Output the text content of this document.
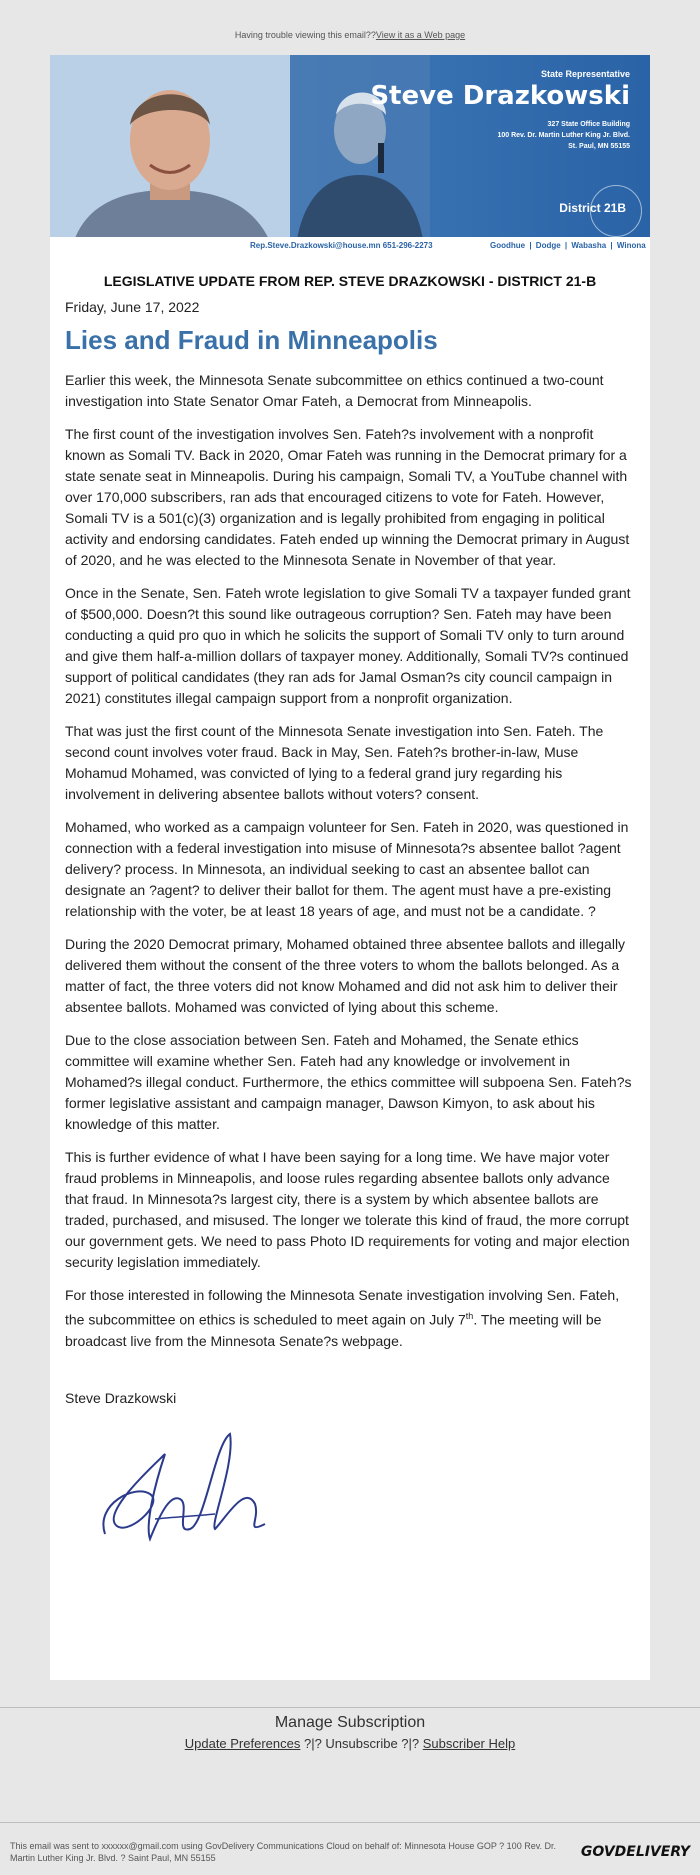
Having trouble viewing this email??View it as a Web page
State Representative
Steve Drazkowski
327 State Office Building
100 Rev. Dr. Martin Luther King Jr. Blvd.
St. Paul, MN 55155
District 21B
Rep.Steve.Drazkowski@house.mn 651-296-2273	Goodhue | Dodge | Wabasha | Winona
LEGISLATIVE UPDATE FROM REP. STEVE DRAZKOWSKI - DISTRICT 21-B
Friday, June 17, 2022
Lies and Fraud in Minneapolis

Earlier this week, the Minnesota Senate subcommittee on ethics continued a two-count investigation into State Senator Omar Fateh, a Democrat from Minneapolis.

The first count of the investigation involves Sen. Fateh?s involvement with a nonprofit known as Somali TV. Back in 2020, Omar Fateh was running in the Democrat primary for a state senate seat in Minneapolis. During his campaign, Somali TV, a YouTube channel with over 170,000 subscribers, ran ads that encouraged citizens to vote for Fateh. However, Somali TV is a 501(c)(3) organization and is legally prohibited from engaging in political activity and endorsing candidates. Fateh ended up winning the Democrat primary in August of 2020, and he was elected to the Minnesota Senate in November of that year.

Once in the Senate, Sen. Fateh wrote legislation to give Somali TV a taxpayer funded grant of $500,000. Doesn?t this sound like outrageous corruption? Sen. Fateh may have been conducting a quid pro quo in which he solicits the support of Somali TV only to turn around and give them half-a-million dollars of taxpayer money. Additionally, Somali TV?s continued support of political candidates (they ran ads for Jamal Osman?s city council campaign in 2021) constitutes illegal campaign support from a nonprofit organization.

That was just the first count of the Minnesota Senate investigation into Sen. Fateh. The second count involves voter fraud. Back in May, Sen. Fateh?s brother-in-law, Muse Mohamud Mohamed, was convicted of lying to a federal grand jury regarding his involvement in delivering absentee ballots without voters? consent.

Mohamed, who worked as a campaign volunteer for Sen. Fateh in 2020, was questioned in connection with a federal investigation into misuse of Minnesota?s absentee ballot ?agent delivery? process. In Minnesota, an individual seeking to cast an absentee ballot can designate an ?agent? to deliver their ballot for them. The agent must have a pre-existing relationship with the voter, be at least 18 years of age, and must not be a candidate. ?

During the 2020 Democrat primary, Mohamed obtained three absentee ballots and illegally delivered them without the consent of the three voters to whom the ballots belonged. As a matter of fact, the three voters did not know Mohamed and did not ask him to deliver their absentee ballots. Mohamed was convicted of lying about this scheme.

Due to the close association between Sen. Fateh and Mohamed, the Senate ethics committee will examine whether Sen. Fateh had any knowledge or involvement in Mohamed?s illegal conduct. Furthermore, the ethics committee will subpoena Sen. Fateh?s former legislative assistant and campaign manager, Dawson Kimyon, to ask about his knowledge of this matter.

This is further evidence of what I have been saying for a long time. We have major voter fraud problems in Minneapolis, and loose rules regarding absentee ballots only advance that fraud. In Minnesota?s largest city, there is a system by which absentee ballots are traded, purchased, and misused. The longer we tolerate this kind of fraud, the more corrupt our government gets. We need to pass Photo ID requirements for voting and major election security legislation immediately.

For those interested in following the Minnesota Senate investigation involving Sen. Fateh, the subcommittee on ethics is scheduled to meet again on July 7th. The meeting will be broadcast live from the Minnesota Senate?s webpage.

Steve Drazkowski
Manage Subscription
Update Preferences ?|? Unsubscribe ?|? Subscriber Help
This email was sent to xxxxxx@gmail.com using GovDelivery Communications Cloud on behalf of: Minnesota House GOP ? 100 Rev. Dr. Martin Luther King Jr. Blvd. ? Saint Paul, MN 55155	GOVDELIVERY
